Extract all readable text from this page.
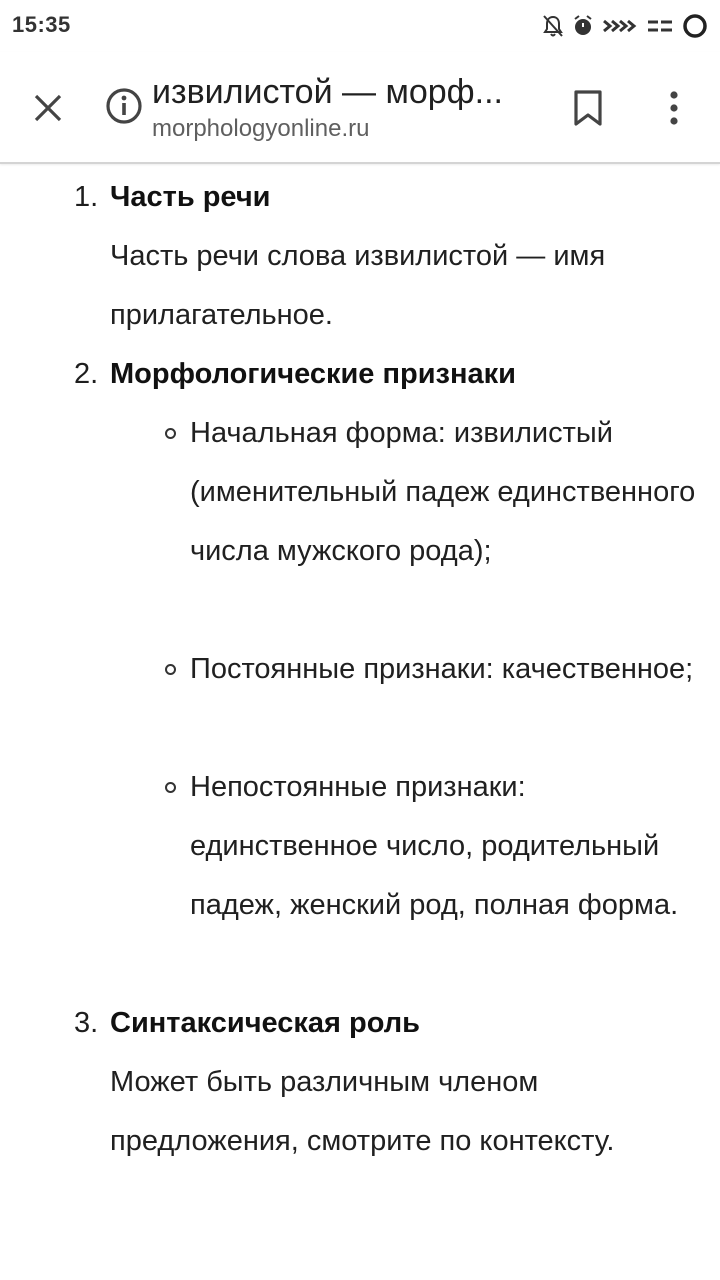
15:35
извилистой — морф...
morphologyonline.ru
1. Часть речи
Часть речи слова извилистой — имя прилагательное.
2. Морфологические признаки
Начальная форма: извилистый (именительный падеж единственного числа мужского рода);
Постоянные признаки: качественное;
Непостоянные признаки: единственное число, родительный падеж, женский род, полная форма.
3. Синтаксическая роль
Может быть различным членом предложения, смотрите по контексту.
